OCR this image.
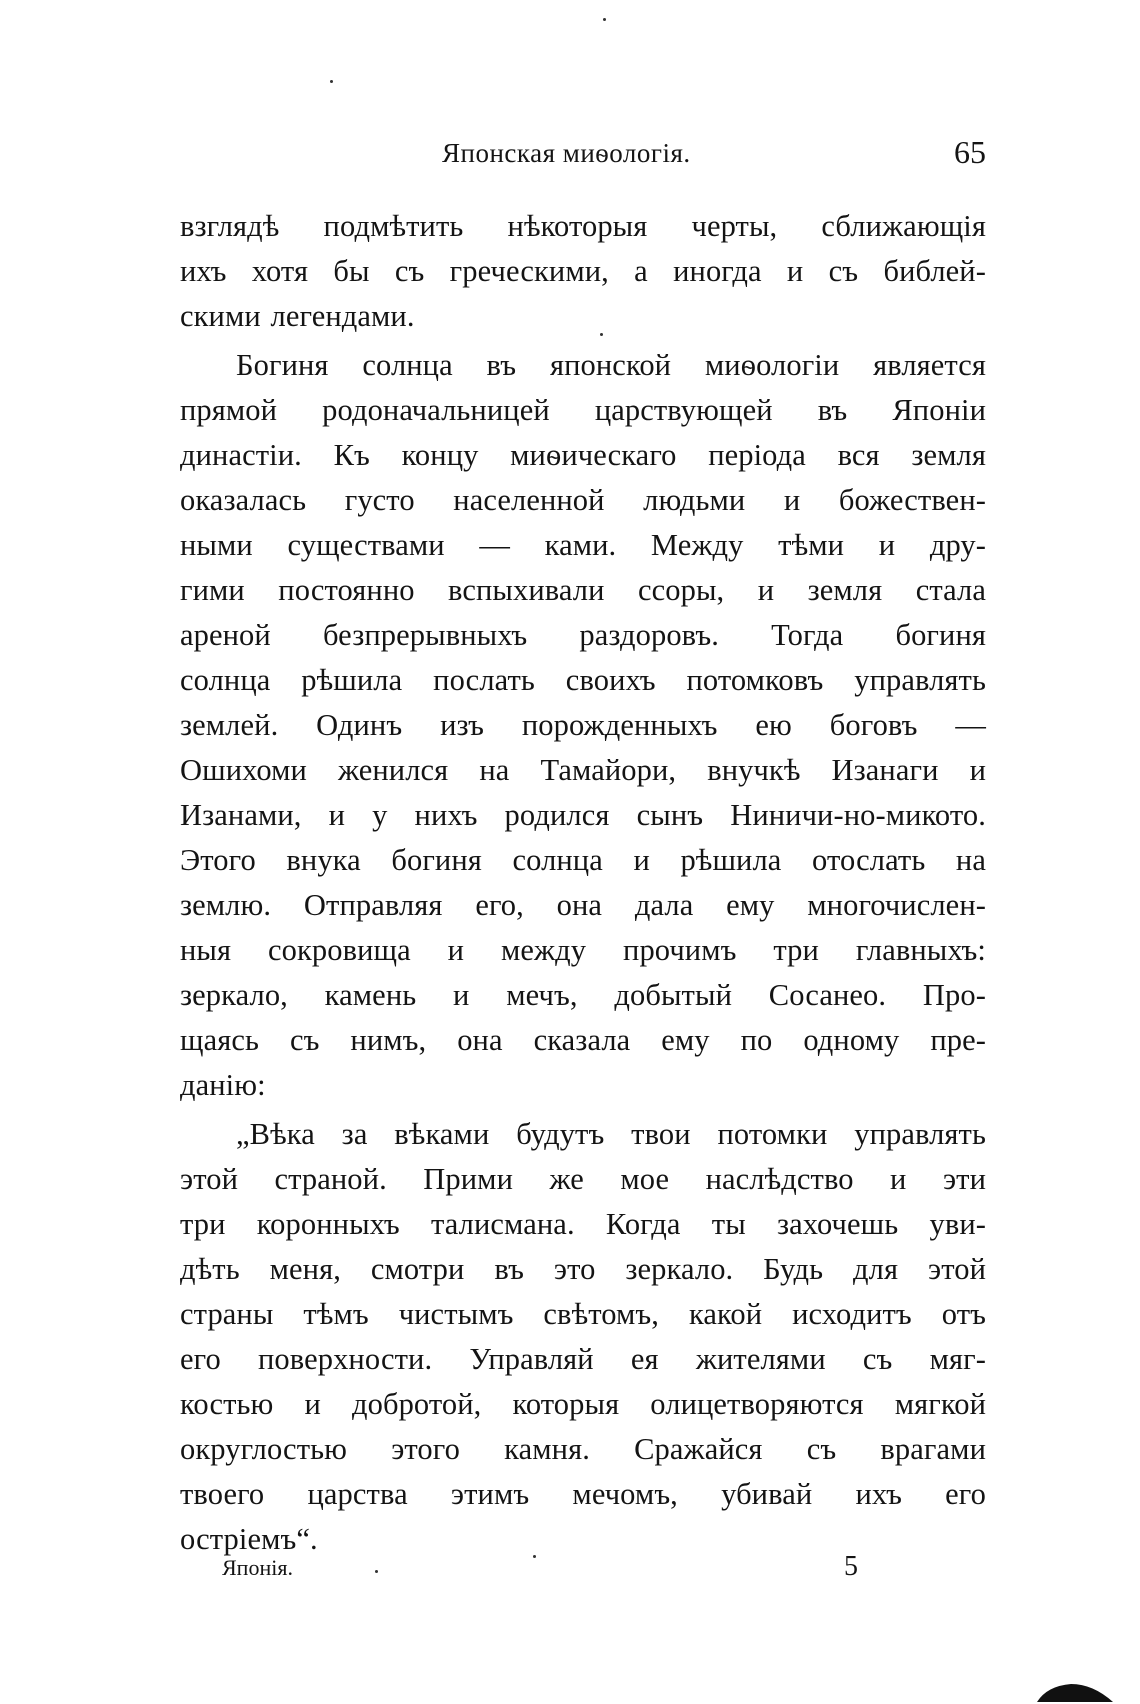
Японская миѳологія.	65
взглядѣ подмѣтить нѣкоторыя черты, сближающія
ихъ хотя бы съ греческими, а иногда и съ библей-
скими легендами.
Богиня солнца въ японской миѳологіи является
прямой родоначальницей царствующей въ Японіи
династіи. Къ концу миѳическаго періода вся земля
оказалась густо населенной людьми и божествен-
ными существами — ками. Между тѣми и дру-
гими постоянно вспыхивали ссоры, и земля стала
ареной безпрерывныхъ раздоровъ. Тогда богиня
солнца рѣшила послать своихъ потомковъ управлять
землей. Одинъ изъ порожденныхъ ею боговъ —
Ошихоми женился на Тамайори, внучкѣ Изанаги и
Изанами, и у нихъ родился сынъ Ниничи-но-микото.
Этого внука богиня солнца и рѣшила отослать на
землю. Отправляя его, она дала ему многочислен-
ныя сокровища и между прочимъ три главныхъ:
зеркало, камень и мечъ, добытый Сосанео. Про-
щаясь съ нимъ, она сказала ему по одному пре-
данію:
„Вѣка за вѣками будутъ твои потомки управлять
этой страной. Прими же мое наслѣдство и эти
три коронныхъ талисмана. Когда ты захочешь уви-
дѣть меня, смотри въ это зеркало. Будь для этой
страны тѣмъ чистымъ свѣтомъ, какой исходитъ отъ
его поверхности. Управляй ея жителями съ мяг-
костью и добротой, которыя олицетворяются мягкой
округлостью этого камня. Сражайся съ врагами
твоего царства этимъ мечомъ, убивай ихъ его
остріемъ“.
Японія.	5
